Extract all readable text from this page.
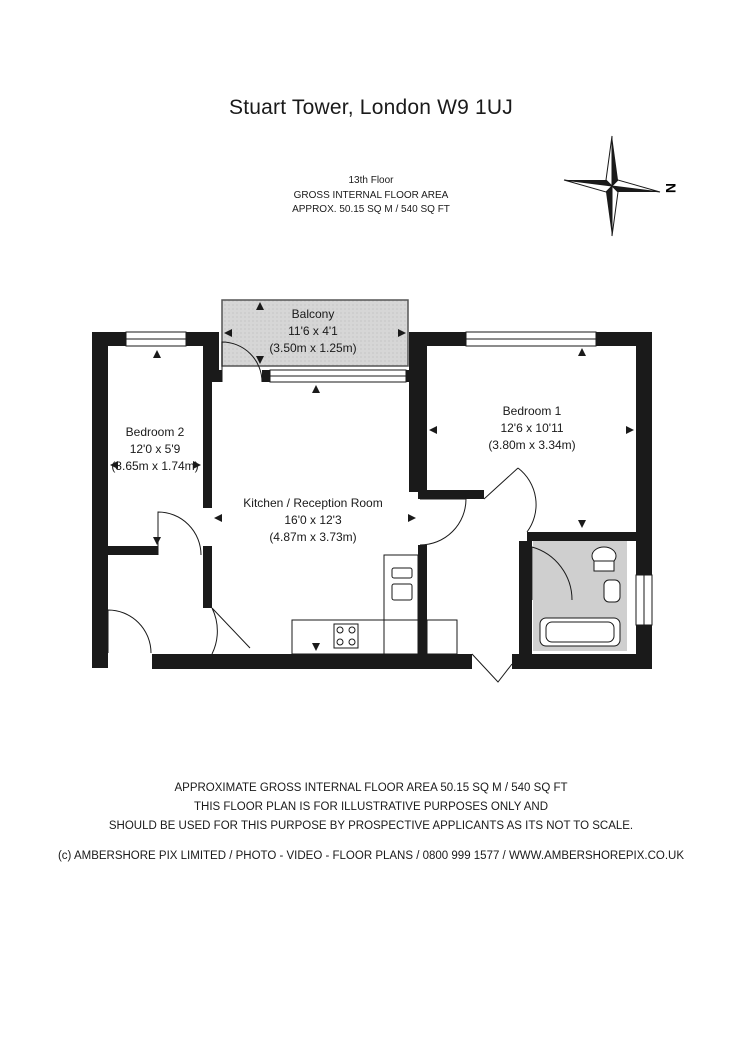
Stuart Tower, London W9 1UJ
13th Floor
GROSS INTERNAL FLOOR AREA
APPROX. 50.15 SQ M / 540 SQ FT
N
Balcony
11'6 x 4'1
(3.50m x 1.25m)
Bedroom 1
12'6 x 10'11
(3.80m x 3.34m)
Bedroom 2
12'0 x 5'9
(3.65m x 1.74m)
Kitchen / Reception Room
16'0 x 12'3
(4.87m x 3.73m)
APPROXIMATE GROSS INTERNAL FLOOR AREA 50.15 SQ M / 540 SQ FT
THIS FLOOR PLAN IS FOR ILLUSTRATIVE PURPOSES ONLY AND
SHOULD BE USED FOR THIS PURPOSE BY PROSPECTIVE APPLICANTS AS ITS NOT TO SCALE.
(c) AMBERSHORE PIX LIMITED / PHOTO - VIDEO - FLOOR PLANS / 0800 999 1577 / WWW.AMBERSHOREPIX.CO.UK
